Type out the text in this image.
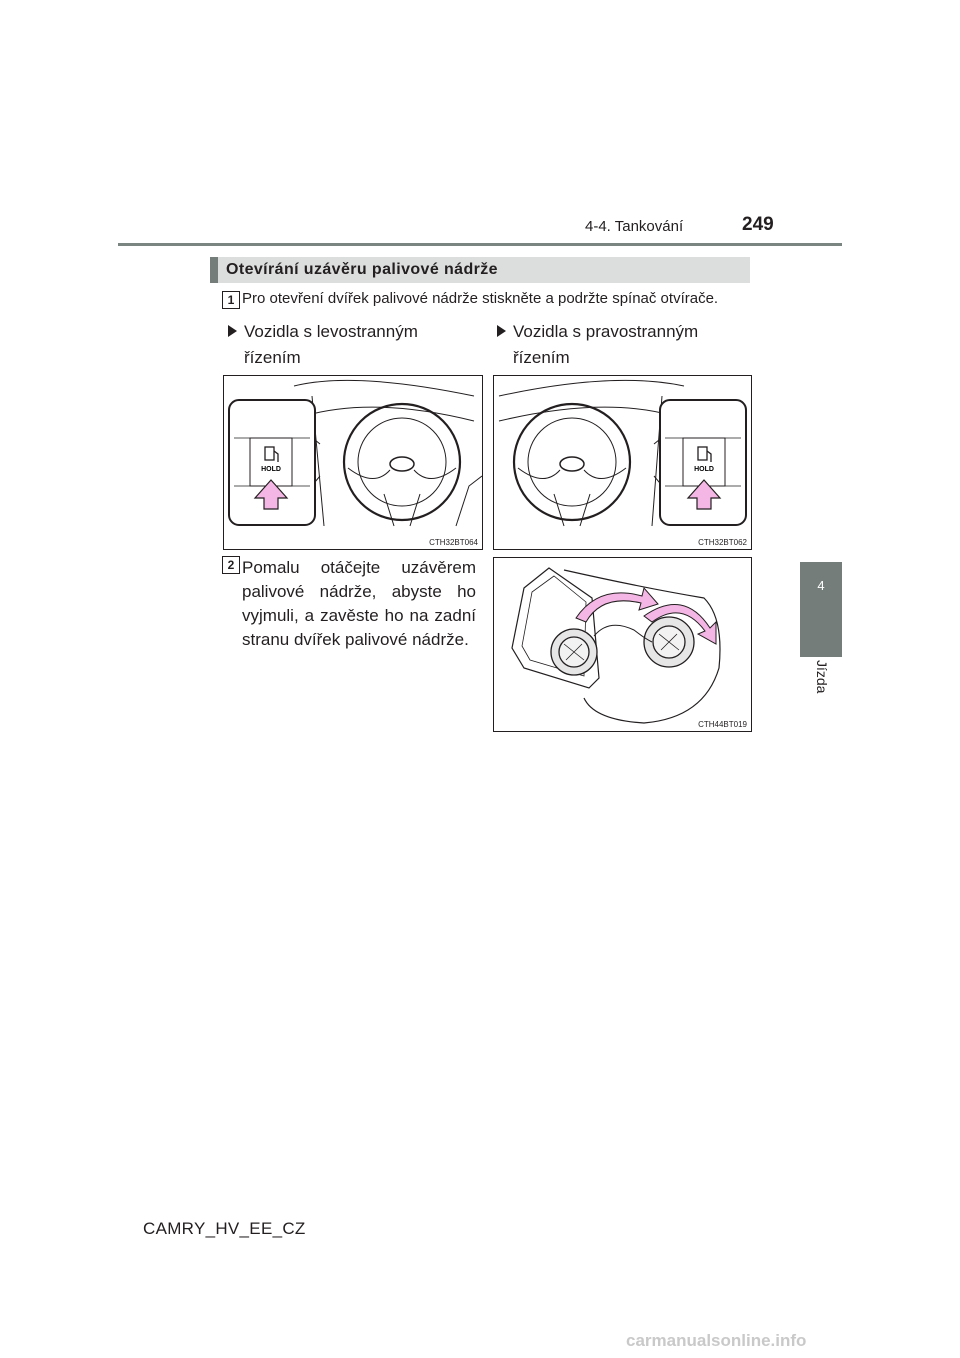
4-4. Tankování	249
4
Jízda
Otevírání uzávěru palivové nádrže
1 Pro otevření dvířek palivové nádrže stiskněte a podržte spínač otvírače.
Vozidla s levostranným řízením
Vozidla s pravostranným řízením
HOLD
CTH32BT064
HOLD
CTH32BT062
2 Pomalu otáčejte uzávěrem palivové nádrže, abyste ho vyjmuli, a zavěste ho na zadní stranu dvířek palivové nádrže.
CTH44BT019
CAMRY_HV_EE_CZ
carmanualsonline.info
